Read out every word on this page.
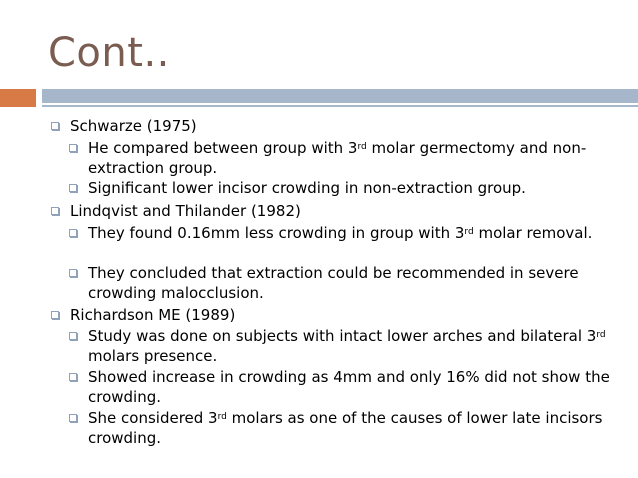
Cont..
Schwarze (1975)
He compared between group with 3rd molar germectomy and non-extraction group.
Significant lower incisor crowding in non-extraction group.
Lindqvist and Thilander (1982)
They found 0.16mm less crowding in group with 3rd molar removal.
They concluded that extraction could be recommended in severe crowding malocclusion.
Richardson ME (1989)
Study was done on subjects with intact lower arches and bilateral 3rd molars presence.
Showed increase in crowding as 4mm and only 16% did not show the crowding.
She considered 3rd molars as one of the causes of lower late incisors crowding.
